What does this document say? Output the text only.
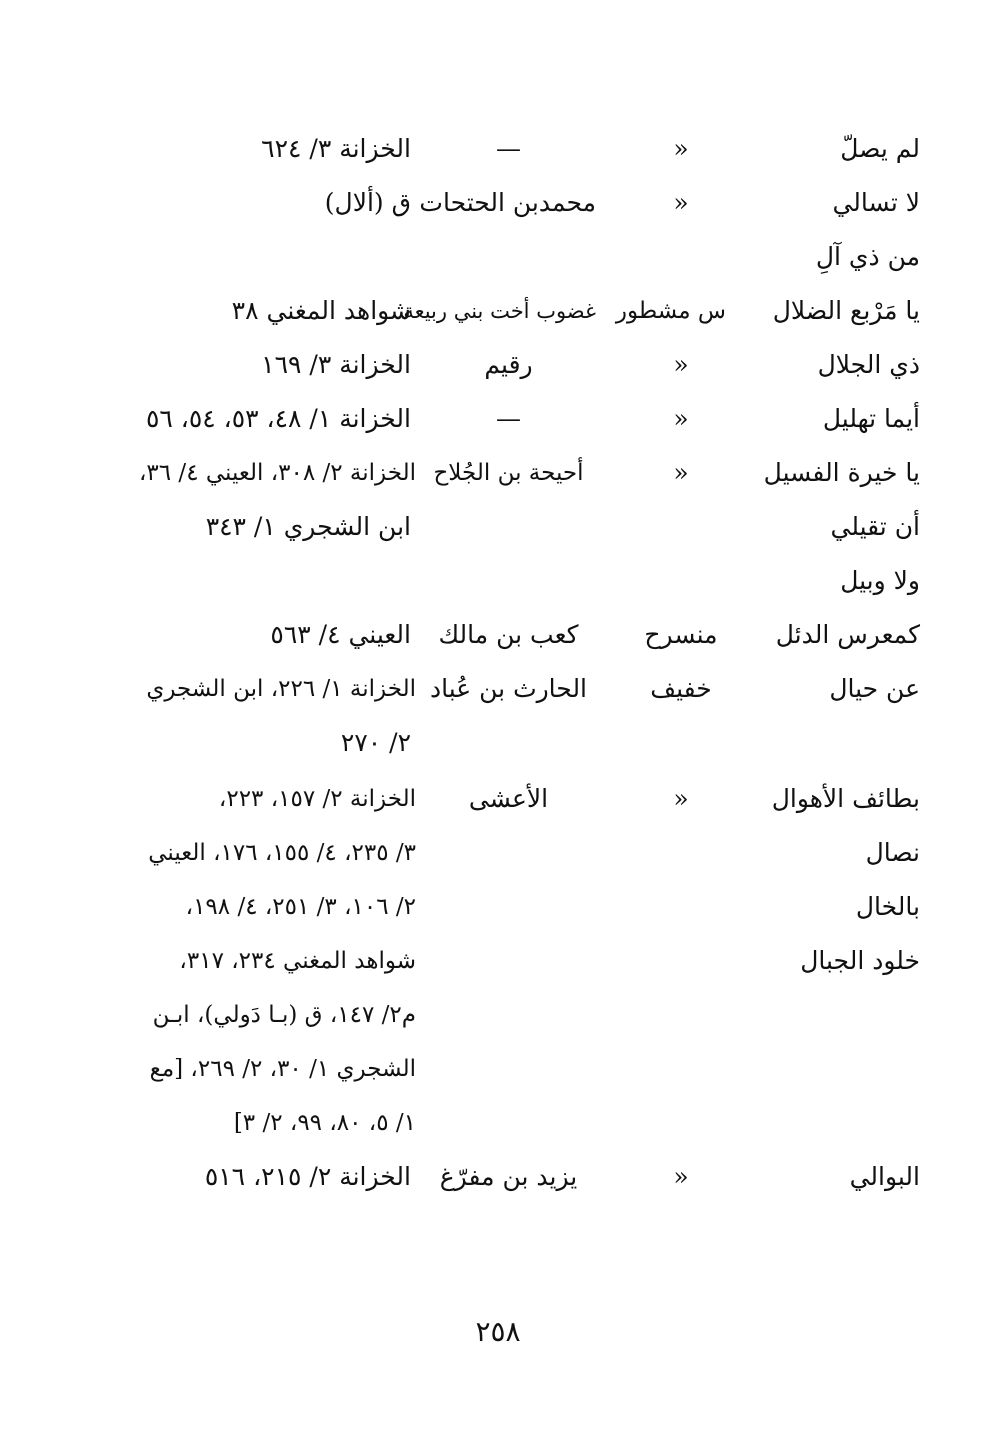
لم يصلّ
«
—
الخزانة ٣/ ٦٢٤
لا تسالي
«
محمدبن الحتحات
ق (ألال)
من ذي آلِ
يا مَرْبع الضلال
س مشطور
غضوب أخت بني ربيعة
شواهد المغني ٣٨
ذي الجلال
«
رقيم
الخزانة ٣/ ١٦٩
أيما تهليل
«
—
الخزانة ١/ ٤٨، ٥٣، ٥٤، ٥٦
يا خيرة الفسيل
«
أحيحة بن الجُلاح
الخزانة ٢/ ٣٠٨، العيني ٤/ ٣٦،
أن تقيلي
ابن الشجري ١/ ٣٤٣
ولا وبيل
كمعرس الدئل
منسرح
كعب بن مالك
العيني ٤/ ٥٦٣
عن حيال
خفيف
الحارث بن عُباد
الخزانة ١/ ٢٢٦، ابن الشجري
٢/ ٢٧٠
بطائف الأهوال
«
الأعشى
الخزانة ٢/ ١٥٧، ٢٢٣،
نصال
٣/ ٢٣٥، ٤/ ١٥٥، ١٧٦، العيني
بالخال
٢/ ١٠٦، ٣/ ٢٥١، ٤/ ١٩٨،
خلود الجبال
شواهد المغني ٢٣٤، ٣١٧،
م٢/ ١٤٧، ق (بـا دَولي)، ابـن
الشجري ١/ ٣٠، ٢/ ٢٦٩، [مع
١/ ٥، ٨٠، ٩٩، ٢/ ٣]
البوالي
«
يزيد بن مفرّغ
الخزانة ٢/ ٢١٥، ٥١٦
٢٥٨
